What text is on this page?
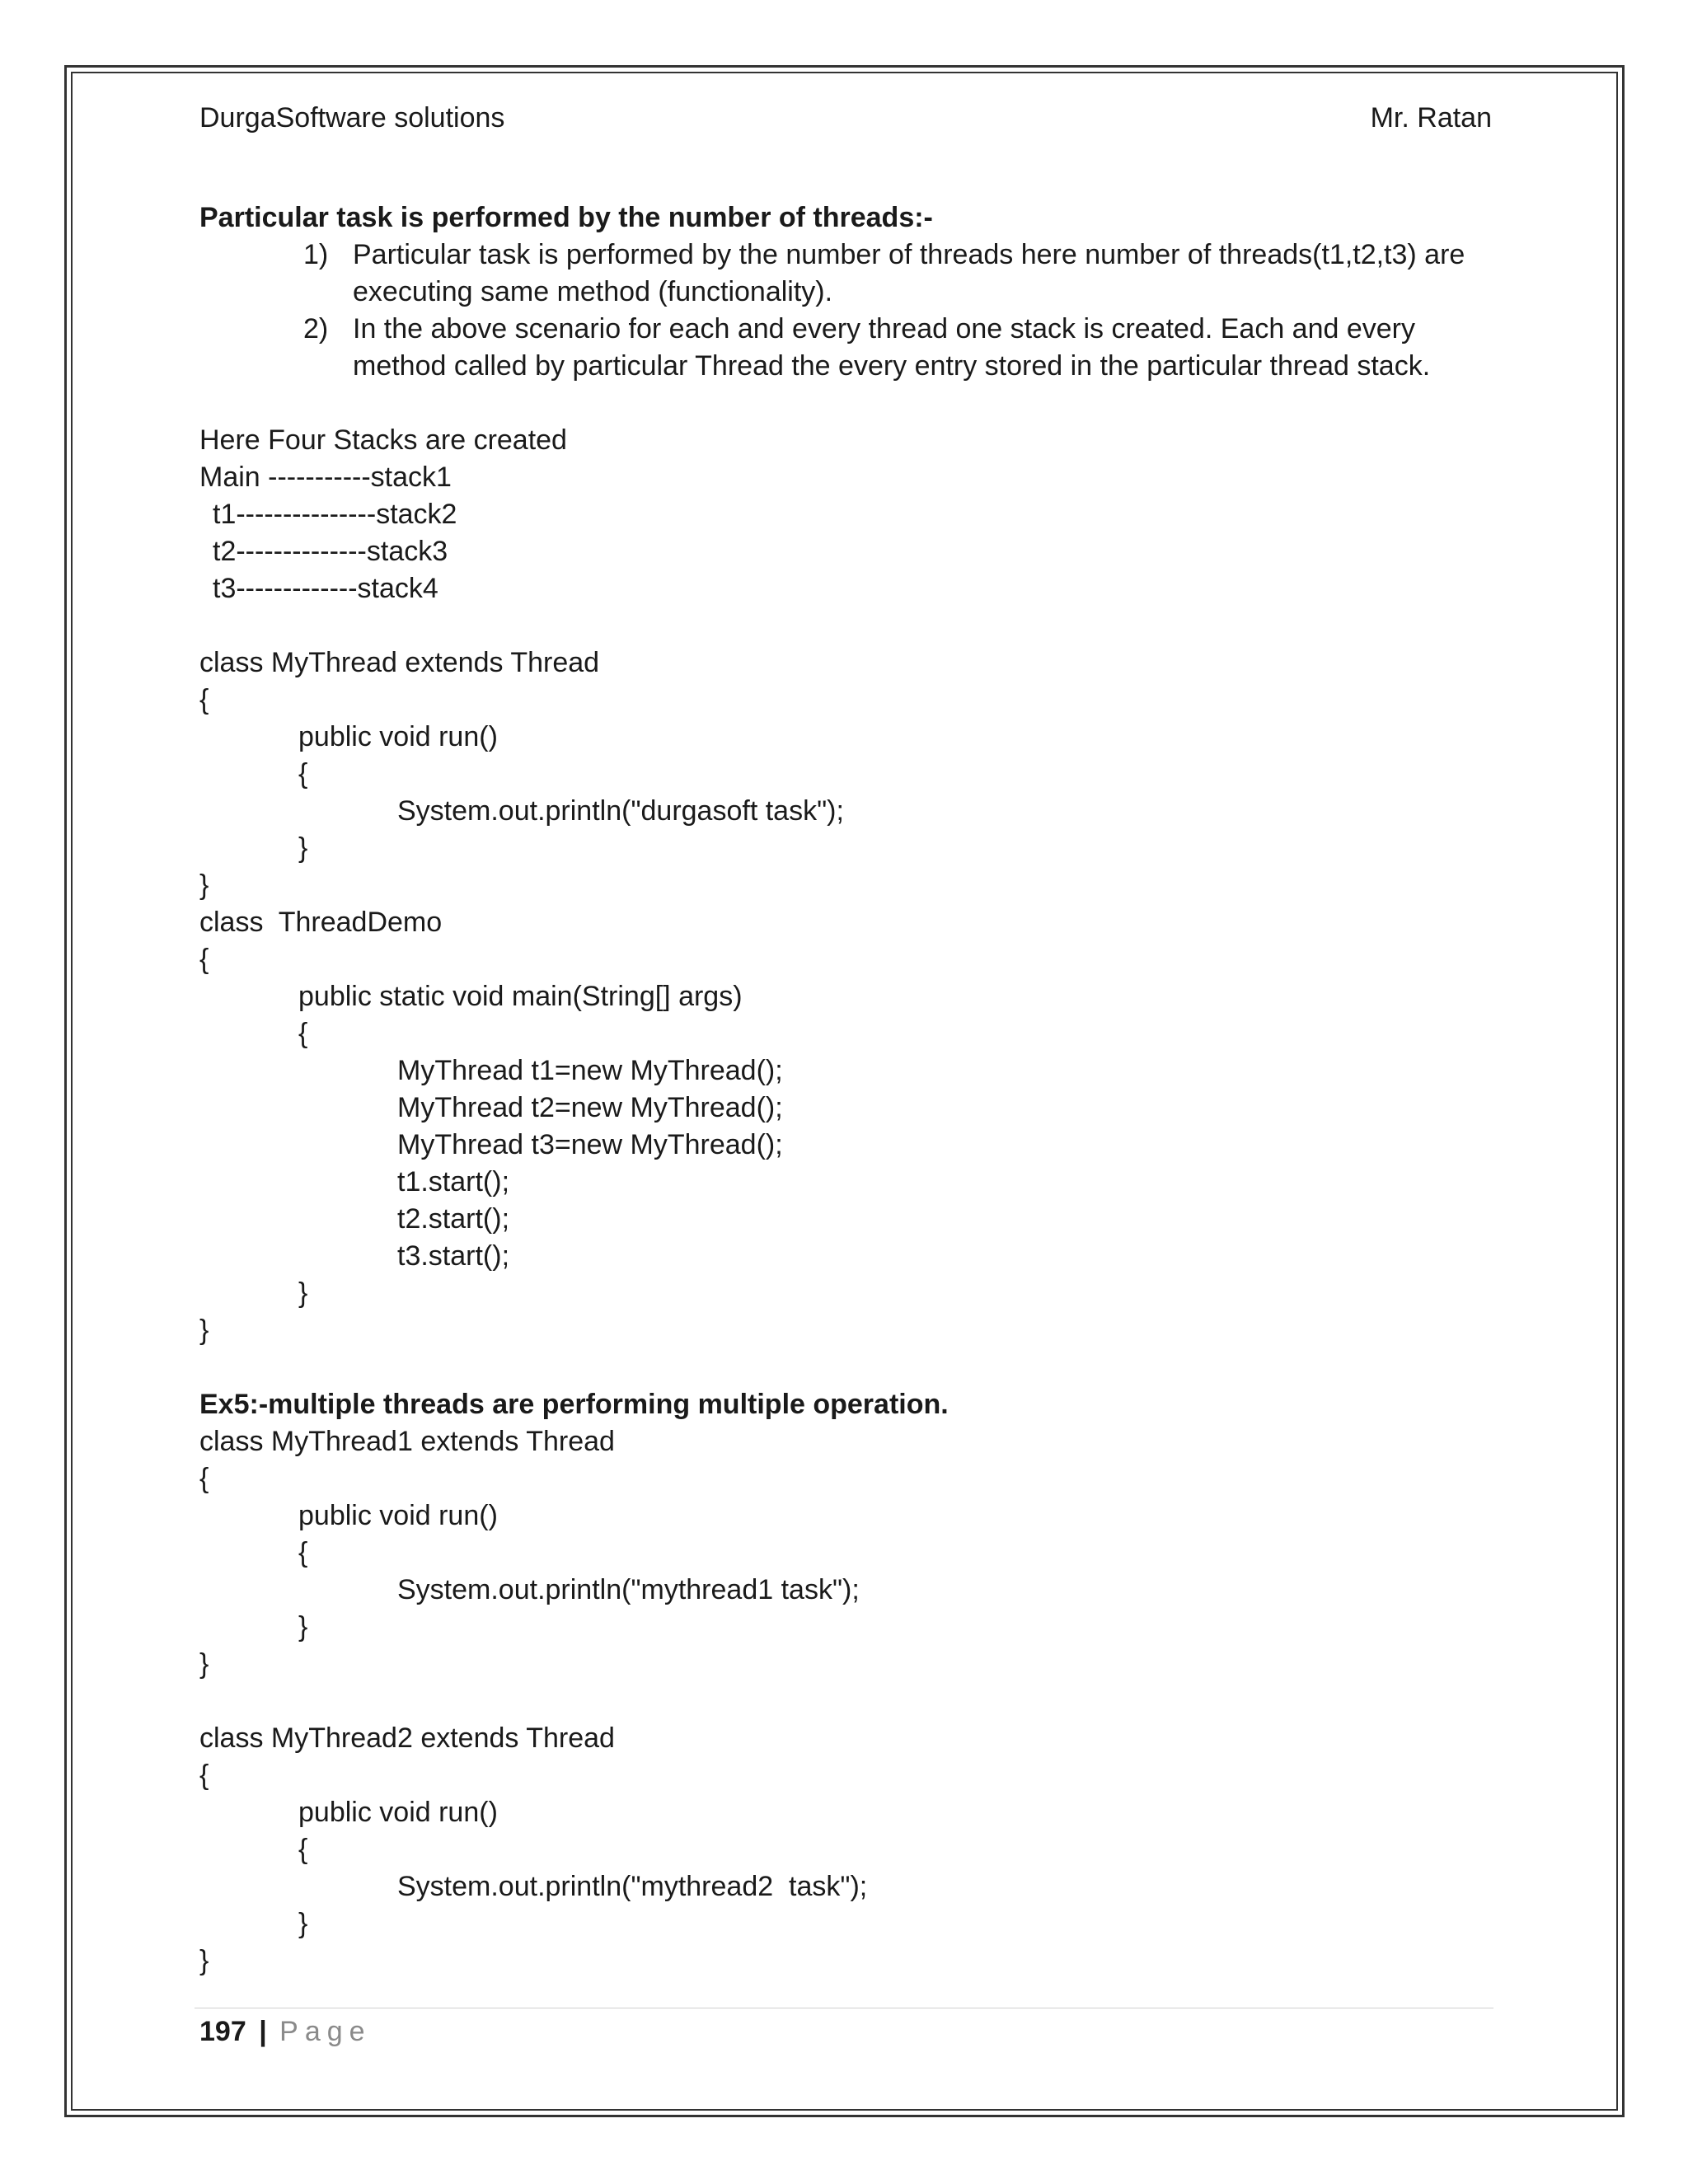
DurgaSoftware solutions	Mr. Ratan
Particular task is performed by the number of threads:-
1) Particular task is performed by the number of threads here number of threads(t1,t2,t3) are executing same method (functionality).
2) In the above scenario for each and every thread one stack is created. Each and every method called by particular Thread the every entry stored in the particular thread stack.
Here Four Stacks are created
Main -----------stack1
t1---------------stack2
t2--------------stack3
t3-------------stack4
class MyThread extends Thread
{
public void run()
{
System.out.println("durgasoft task");
}
}
class  ThreadDemo
{
public static void main(String[] args)
{
MyThread t1=new MyThread();
MyThread t2=new MyThread();
MyThread t3=new MyThread();
t1.start();
t2.start();
t3.start();
}
}
Ex5:-multiple threads are performing multiple operation.
class MyThread1 extends Thread
{
public void run()
{
System.out.println("mythread1 task");
}
}
class MyThread2 extends Thread
{
public void run()
{
System.out.println("mythread2  task");
}
}
197 | Page
